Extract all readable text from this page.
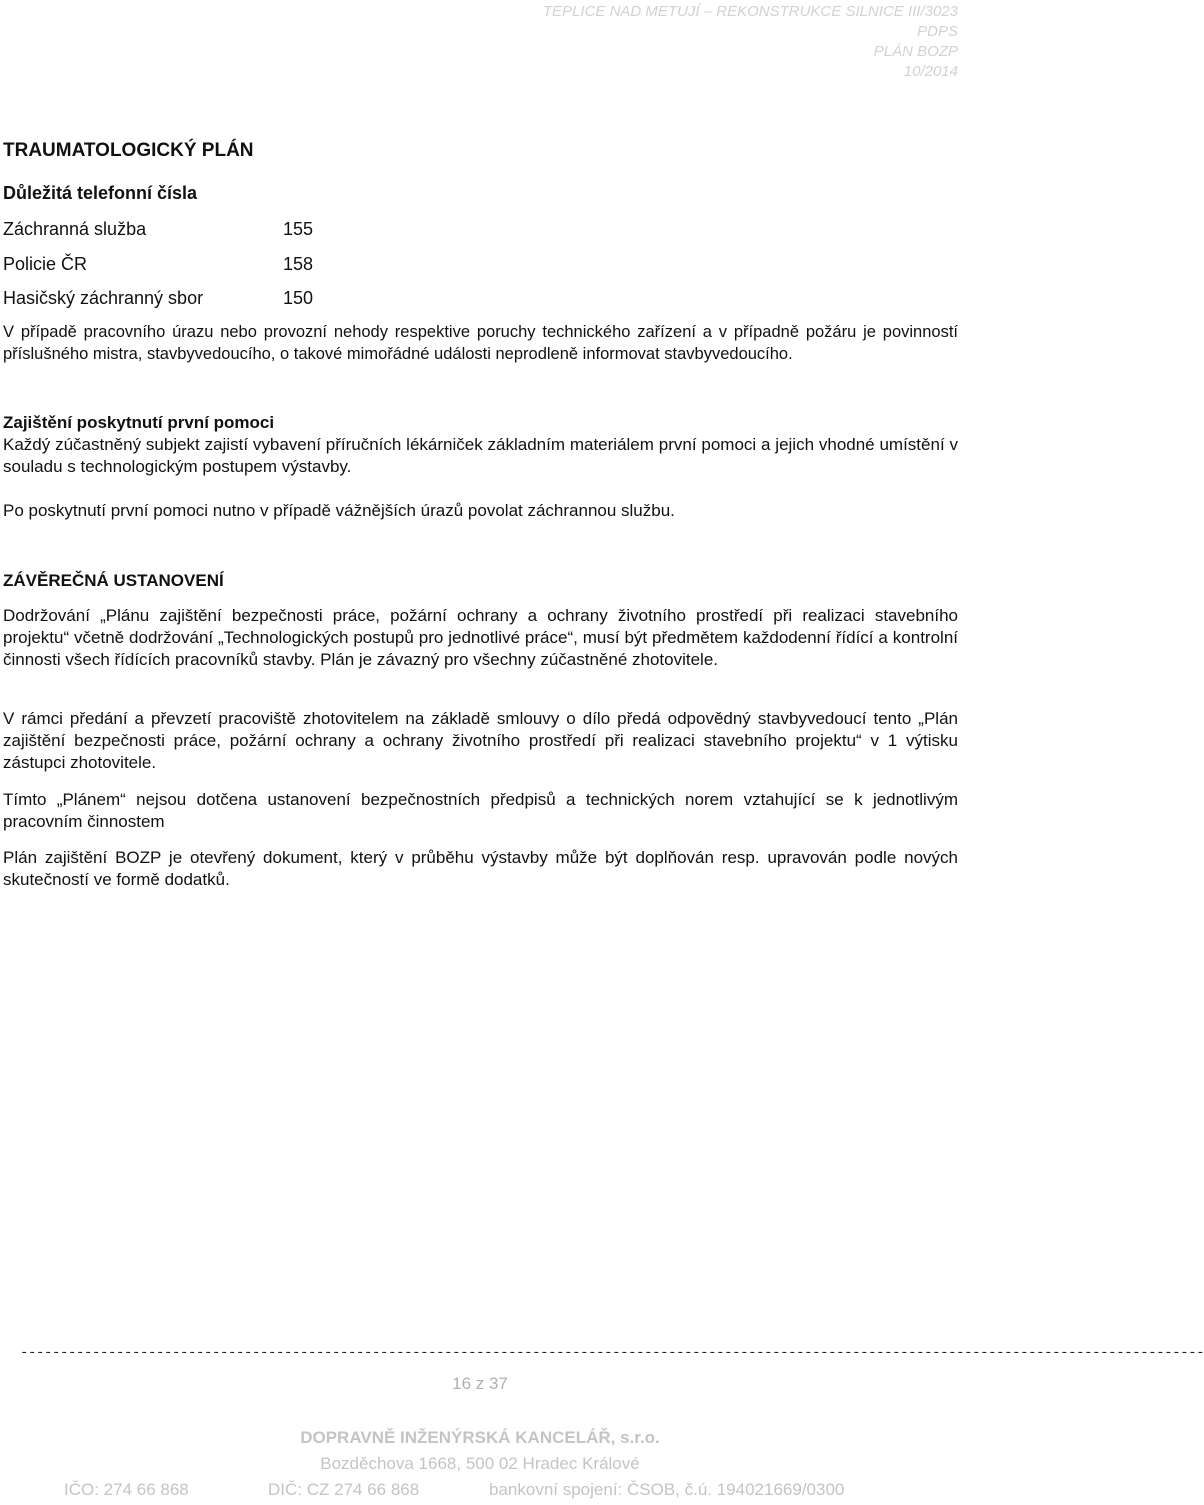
TEPLICE NAD METUJÍ – REKONSTRUKCE SILNICE III/3023
PDPS
PLÁN BOZP
10/2014
TRAUMATOLOGICKÝ PLÁN
Důležitá telefonní čísla
Záchranná služba	155
Policie ČR	158
Hasičský záchranný sbor	150
V případě pracovního úrazu nebo provozní nehody respektive poruchy technického zařízení a v případně požáru je povinností příslušného mistra, stavbyvedoucího, o takové mimořádné události neprodleně informovat stavbyvedoucího.
Zajištění poskytnutí první pomoci
Každý zúčastněný subjekt zajistí vybavení příručních lékárniček základním materiálem první pomoci a jejich vhodné umístění v souladu s technologickým postupem výstavby.
Po poskytnutí první pomoci nutno v případě vážnějších úrazů povolat záchrannou službu.
ZÁVĚREČNÁ USTANOVENÍ
Dodržování „Plánu zajištění bezpečnosti práce, požární ochrany a ochrany životního prostředí při realizaci stavebního projektu“ včetně dodržování „Technologických postupů pro jednotlivé práce“, musí být předmětem každodenní řídící a kontrolní činnosti všech řídících pracovníků stavby. Plán je závazný pro všechny zúčastněné zhotovitele.
V rámci předání a převzetí pracoviště zhotovitelem na základě smlouvy o dílo předá odpovědný stavbyvedoucí tento „Plán zajištění bezpečnosti práce, požární ochrany a ochrany životního prostředí při realizaci stavebního projektu“ v 1 výtisku zástupci zhotovitele.
Tímto „Plánem“ nejsou dotčena ustanovení bezpečnostních předpisů a technických norem vztahující se k jednotlivým pracovním činnostem
Plán zajištění BOZP je otevřený dokument, který v průběhu výstavby může být doplňován resp. upravován podle nových skutečností ve formě dodatků.
----------------------------------------------------------------------------------------------------------------------------------------------------
16 z 37
DOPRAVNĚ INŽENÝRSKÁ KANCELÁŘ, s.r.o.
Bozděchova 1668, 500 02 Hradec Králové
IČO: 274 66 868	DIČ: CZ 274 66 868	bankovní spojení: ČSOB, č.ú. 194021669/0300
